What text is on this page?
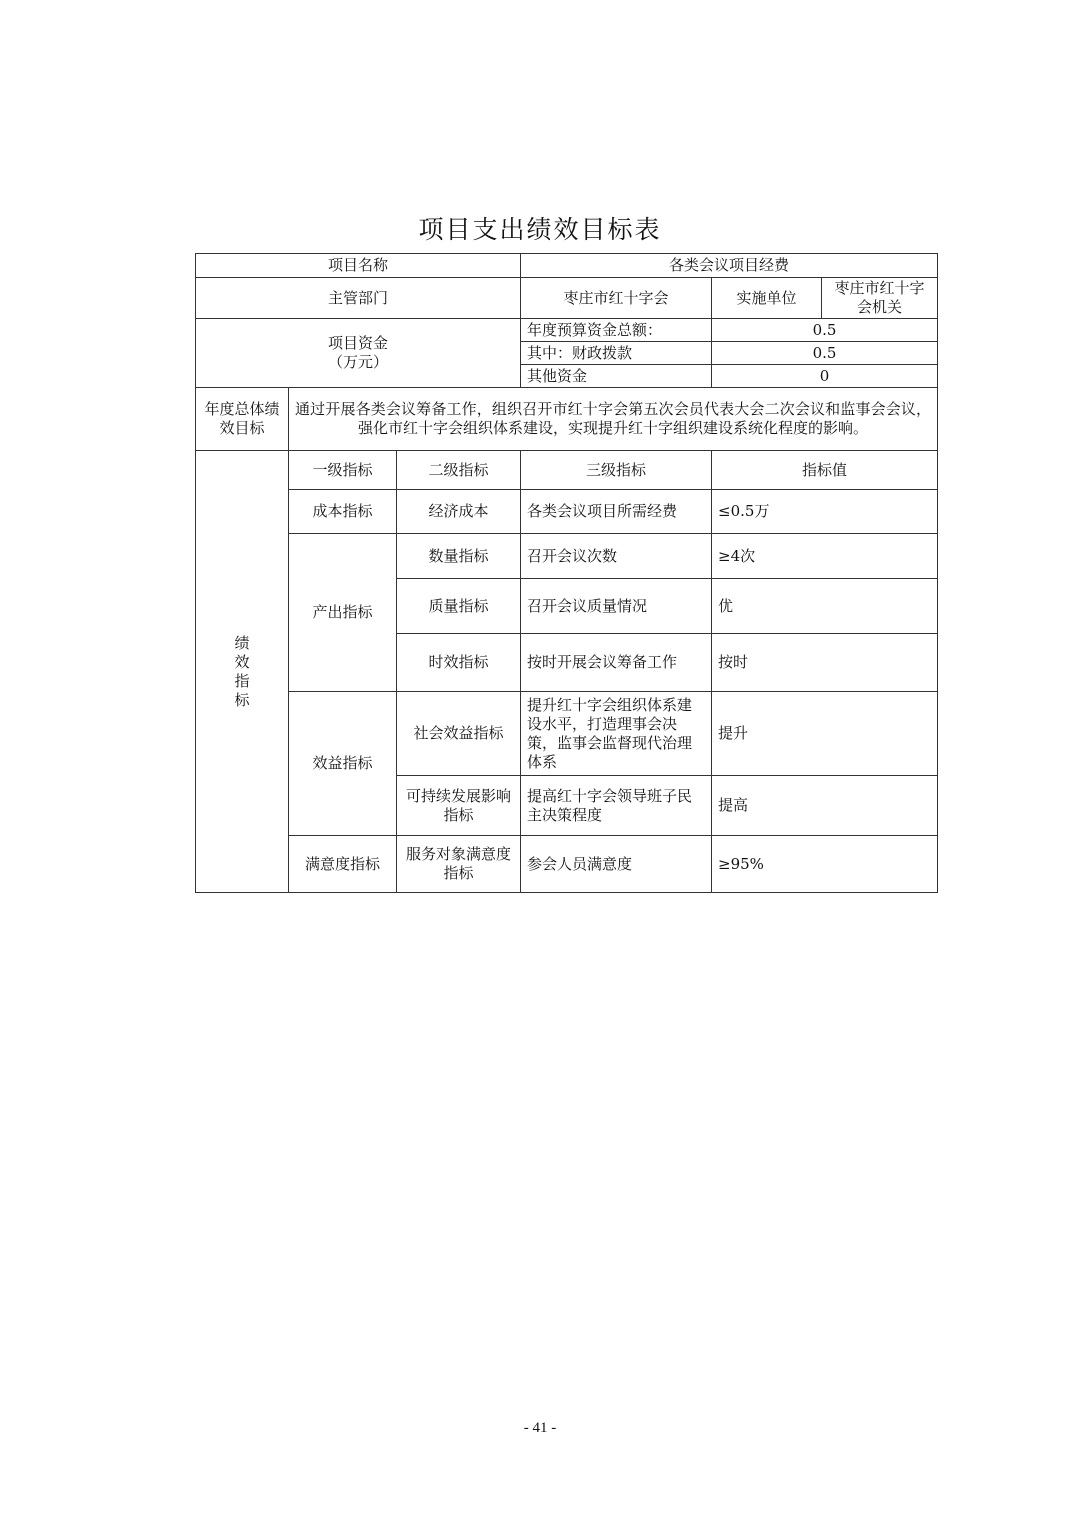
项目支出绩效目标表
项目名称			各类会议项目经费		
主管部门			枣庄市红十字会	实施单位	枣庄市红十字会机关

项目资金
（万元）			年度预算资金总额：	0.5	
			其中：财政拨款	0.5	
			其他资金	0	
年度总体绩效目标	通过开展各类会议筹备工作，组织召开市红十字会第五次会员代表大会二次会议和监事会会议，强化市红十字会组织体系建设，实现提升红十字组织建设系统化程度的影响。				

绩
效
指
标	一级指标	二级指标	三级指标	指标值	
	成本指标	经济成本	各类会议项目所需经费	≤0.5万	
	产出指标	数量指标	召开会议次数	≥4次	
		质量指标	召开会议质量情况	优	
		时效指标	按时开展会议筹备工作	按时	
	效益指标	社会效益指标	提升红十字会组织体系建设水平，打造理事会决策，监事会监督现代治理体系	提升	
		可持续发展影响指标	提高红十字会领导班子民主决策程度	提高	
	满意度指标	服务对象满意度指标	参会人员满意度	≥95%	
- 41 -
